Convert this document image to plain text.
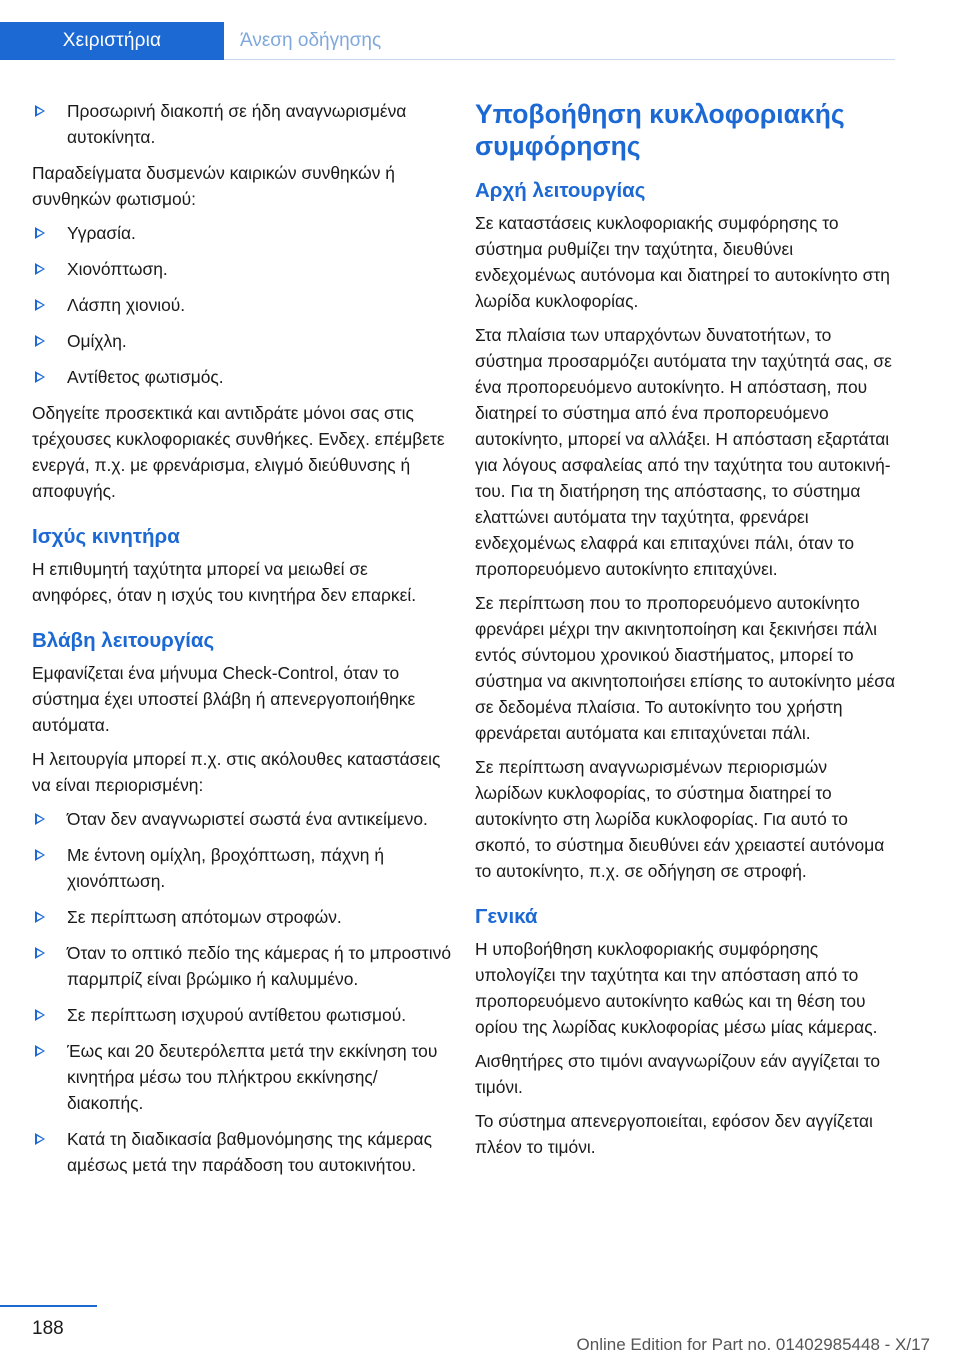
Χειριστήρια	Άνεση οδήγησης
Προσωρινή διακοπή σε ήδη αναγνωρισμένα αυτοκίνητα.

Παραδείγματα δυσμενών καιρικών συνθηκών ή συνθηκών φωτισμού:

Υγρασία.
Χιονόπτωση.
Λάσπη χιονιού.
Ομίχλη.
Αντίθετος φωτισμός.

Οδηγείτε προσεκτικά και αντιδράτε μόνοι σας στις τρέχουσες κυκλοφοριακές συνθήκες. Ενδεχ. επέμβετε ενεργά, π.χ. με φρενάρισμα, ελιγμό διεύθυνσης ή αποφυγής.

Ισχύς κινητήρα

Η επιθυμητή ταχύτητα μπορεί να μειωθεί σε ανηφόρες, όταν η ισχύς του κινητήρα δεν επαρκεί.

Βλάβη λειτουργίας

Εμφανίζεται ένα μήνυμα Check-Control, όταν το σύστημα έχει υποστεί βλάβη ή απενεργοποιήθηκε αυτόματα.

Η λειτουργία μπορεί π.χ. στις ακόλουθες καταστάσεις να είναι περιορισμένη:

Όταν δεν αναγνωριστεί σωστά ένα αντικείμενο.
Με έντονη ομίχλη, βροχόπτωση, πάχνη ή χιονόπτωση.
Σε περίπτωση απότομων στροφών.
Όταν το οπτικό πεδίο της κάμερας ή το μπροστινό παρμπρίζ είναι βρώμικο ή καλυμμένο.
Σε περίπτωση ισχυρού αντίθετου φωτισμού.
Έως και 20 δευτερόλεπτα μετά την εκκίνηση του κινητήρα μέσω του πλήκτρου εκκίνησης/διακοπής.
Κατά τη διαδικασία βαθμονόμησης της κάμερας αμέσως μετά την παράδοση του αυτοκινήτου.
Υποβοήθηση κυκλοφοριακής συμφόρησης
Αρχή λειτουργίας

Σε καταστάσεις κυκλοφοριακής συμφόρησης το σύστημα ρυθμίζει την ταχύτητα, διευθύνει ενδεχομένως αυτόνομα και διατηρεί το αυτοκίνητο στη λωρίδα κυκλοφορίας.

Στα πλαίσια των υπαρχόντων δυνατοτήτων, το σύστημα προσαρμόζει αυτόματα την ταχύτητά σας, σε ένα προπορευόμενο αυτοκίνητο. Η απόσταση, που διατηρεί το σύστημα από ένα προπορευόμενο αυτοκίνητο, μπορεί να αλλάξει. Η απόσταση εξαρτάται για λόγους ασφαλείας από την ταχύτητα του αυτοκινήτου. Για τη διατήρηση της απόστασης, το σύστημα ελαττώνει αυτόματα την ταχύτητα, φρενάρει ενδεχομένως ελαφρά και επιταχύνει πάλι, όταν το προπορευόμενο αυτοκίνητο επιταχύνει.

Σε περίπτωση που το προπορευόμενο αυτοκίνητο φρενάρει μέχρι την ακινητοποίηση και ξεκινήσει πάλι εντός σύντομου χρονικού διαστήματος, μπορεί το σύστημα να ακινητοποιήσει επίσης το αυτοκίνητο μέσα σε δεδομένα πλαίσια. Το αυτοκίνητο του χρήστη φρενάρεται αυτόματα και επιταχύνεται πάλι.

Σε περίπτωση αναγνωρισμένων περιορισμών λωρίδων κυκλοφορίας, το σύστημα διατηρεί το αυτοκίνητο στη λωρίδα κυκλοφορίας. Για αυτό το σκοπό, το σύστημα διευθύνει εάν χρειαστεί αυτόνομα το αυτοκίνητο, π.χ. σε οδήγηση σε στροφή.

Γενικά

Η υποβοήθηση κυκλοφοριακής συμφόρησης υπολογίζει την ταχύτητα και την απόσταση από το προπορευόμενο αυτοκίνητο καθώς και τη θέση του ορίου της λωρίδας κυκλοφορίας μέσω μίας κάμερας.

Αισθητήρες στο τιμόνι αναγνωρίζουν εάν αγγίζεται το τιμόνι.

Το σύστημα απενεργοποιείται, εφόσον δεν αγγίζεται πλέον το τιμόνι.

188
Online Edition for Part no. 01402985448 - X/17
